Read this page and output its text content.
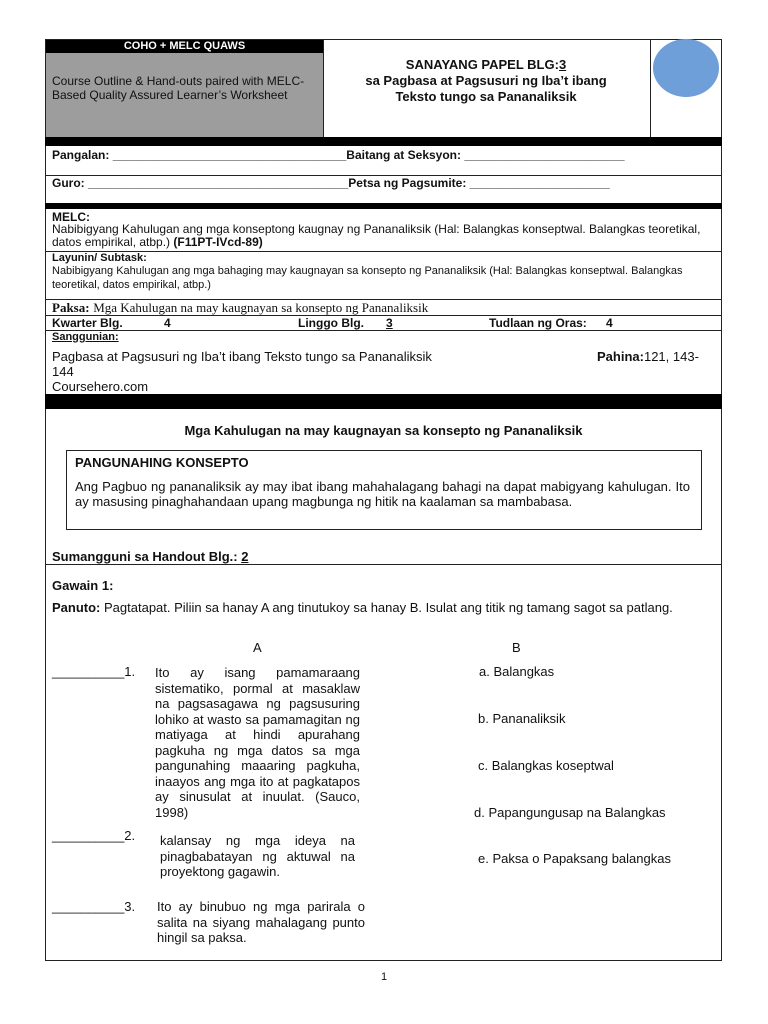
COHO + MELC QUAWS
Course Outline & Hand-outs paired with MELC- Based Quality Assured Learner’s Worksheet
SANAYANG PAPEL BLG:3
sa Pagbasa at Pagsusuri ng Iba’t ibang
Teksto tungo sa Pananaliksik
Pangalan: ___________________________________Baitang at Seksyon: ________________________
Guro: _______________________________________Petsa ng Pagsumite: _____________________
MELC:
Nabibigyang Kahulugan ang mga konseptong kaugnay ng Pananaliksik (Hal: Balangkas konseptwal. Balangkas teoretikal, datos empirikal, atbp.) (F11PT-IVcd-89)
Layunin/ Subtask:
Nabibigyang Kahulugan ang mga bahaging may kaugnayan sa konsepto ng Pananaliksik (Hal: Balangkas konseptwal. Balangkas teoretikal, datos empirikal, atbp.)
Paksa: Mga Kahulugan na may kaugnayan sa konsepto ng Pananaliksik
Kwarter Blg.	4	Linggo Blg. 3	Tudlaan ng Oras: 4
Sanggunian:
Pagbasa at Pagsusuri ng Iba’t ibang Teksto tungo sa Pananaliksik	Pahina:121, 143-
144
Coursehero.com
Mga Kahulugan na may kaugnayan sa konsepto ng Pananaliksik
PANGUNAHING KONSEPTO
Ang Pagbuo ng pananaliksik ay may ibat ibang mahahalagang bahagi na dapat mabigyang kahulugan. Ito ay masusing pinaghahandaan upang magbunga ng hitik na kaalaman sa mambabasa.
Sumangguni sa Handout Blg.: 2
Gawain 1:
Panuto: Pagtatapat. Piliin sa hanay A ang tinutukoy sa hanay B. Isulat ang titik ng tamang sagot sa patlang.
A	B
__________1. Ito ay isang pamamaraang sistematiko, pormal at masaklaw na pagsasagawa ng pagsusuring lohiko at wasto sa pamamagitan ng matiyaga at hindi apurahang pagkuha ng mga datos sa mga pangunahing maaaring pagkuha, inaayos ang mga ito at pagkatapos ay sinusulat at inuulat. (Sauco, 1998)
__________2. kalansay ng mga ideya na pinagbabatayan ng aktuwal na proyektong gagawin.
__________3. Ito ay binubuo ng mga parirala o salita na siyang mahalagang punto hingil sa paksa.
a. Balangkas
b. Pananaliksik
c. Balangkas koseptwal
d. Papangungusap na Balangkas
e. Paksa o Papaksang balangkas
1
